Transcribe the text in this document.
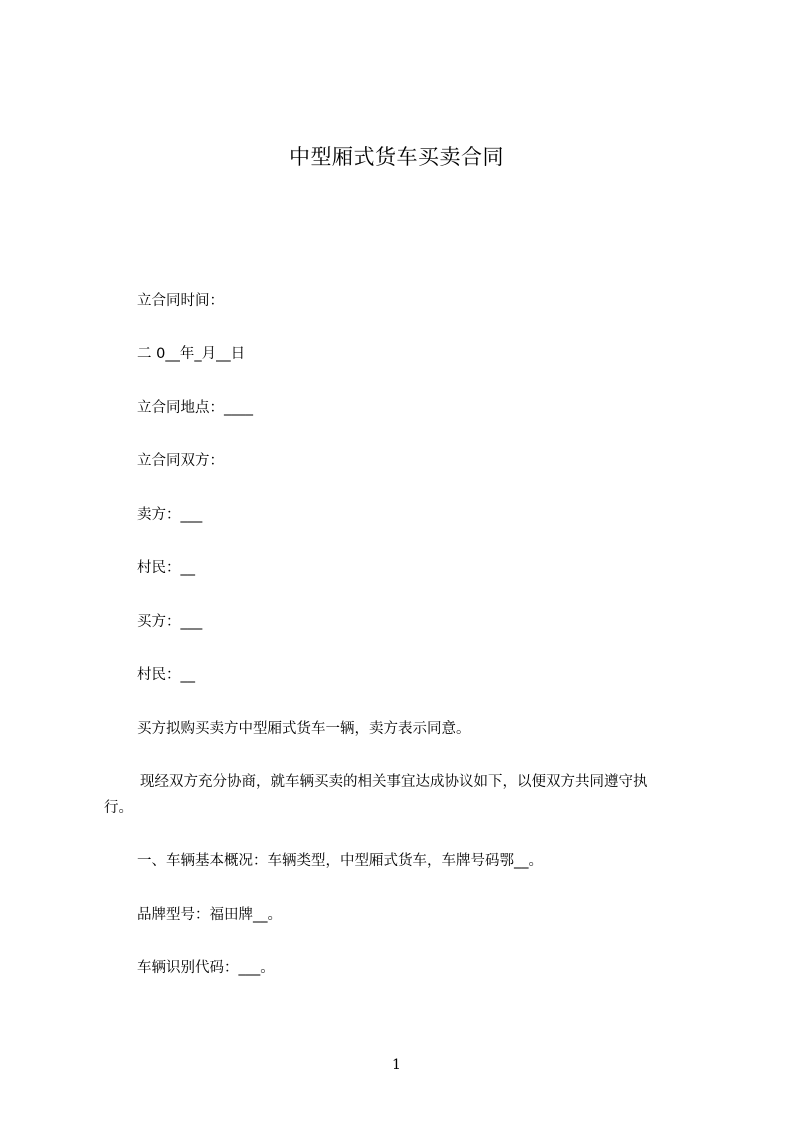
中型厢式货车买卖合同
立合同时间：
二 0__年_月__日
立合同地点：____
立合同双方：
卖方：___
村民：__
买方：___
村民：__
买方拟购买卖方中型厢式货车一辆，卖方表示同意。
现经双方充分协商，就车辆买卖的相关事宜达成协议如下，以便双方共同遵守执
行。
一、车辆基本概况：车辆类型，中型厢式货车，车牌号码鄂__。
品牌型号：福田牌__。
车辆识别代码：___。
1
